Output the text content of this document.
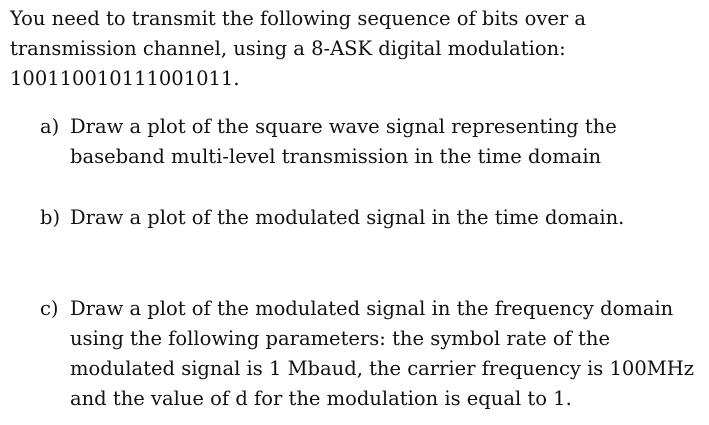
You need to transmit the following sequence of bits over a
transmission channel, using a 8-ASK digital modulation:
100110010111001011.
a) Draw a plot of the square wave signal representing the
baseband multi-level transmission in the time domain
b) Draw a plot of the modulated signal in the time domain.
c) Draw a plot of the modulated signal in the frequency domain
using the following parameters: the symbol rate of the
modulated signal is 1 Mbaud, the carrier frequency is 100MHz
and the value of d for the modulation is equal to 1.
